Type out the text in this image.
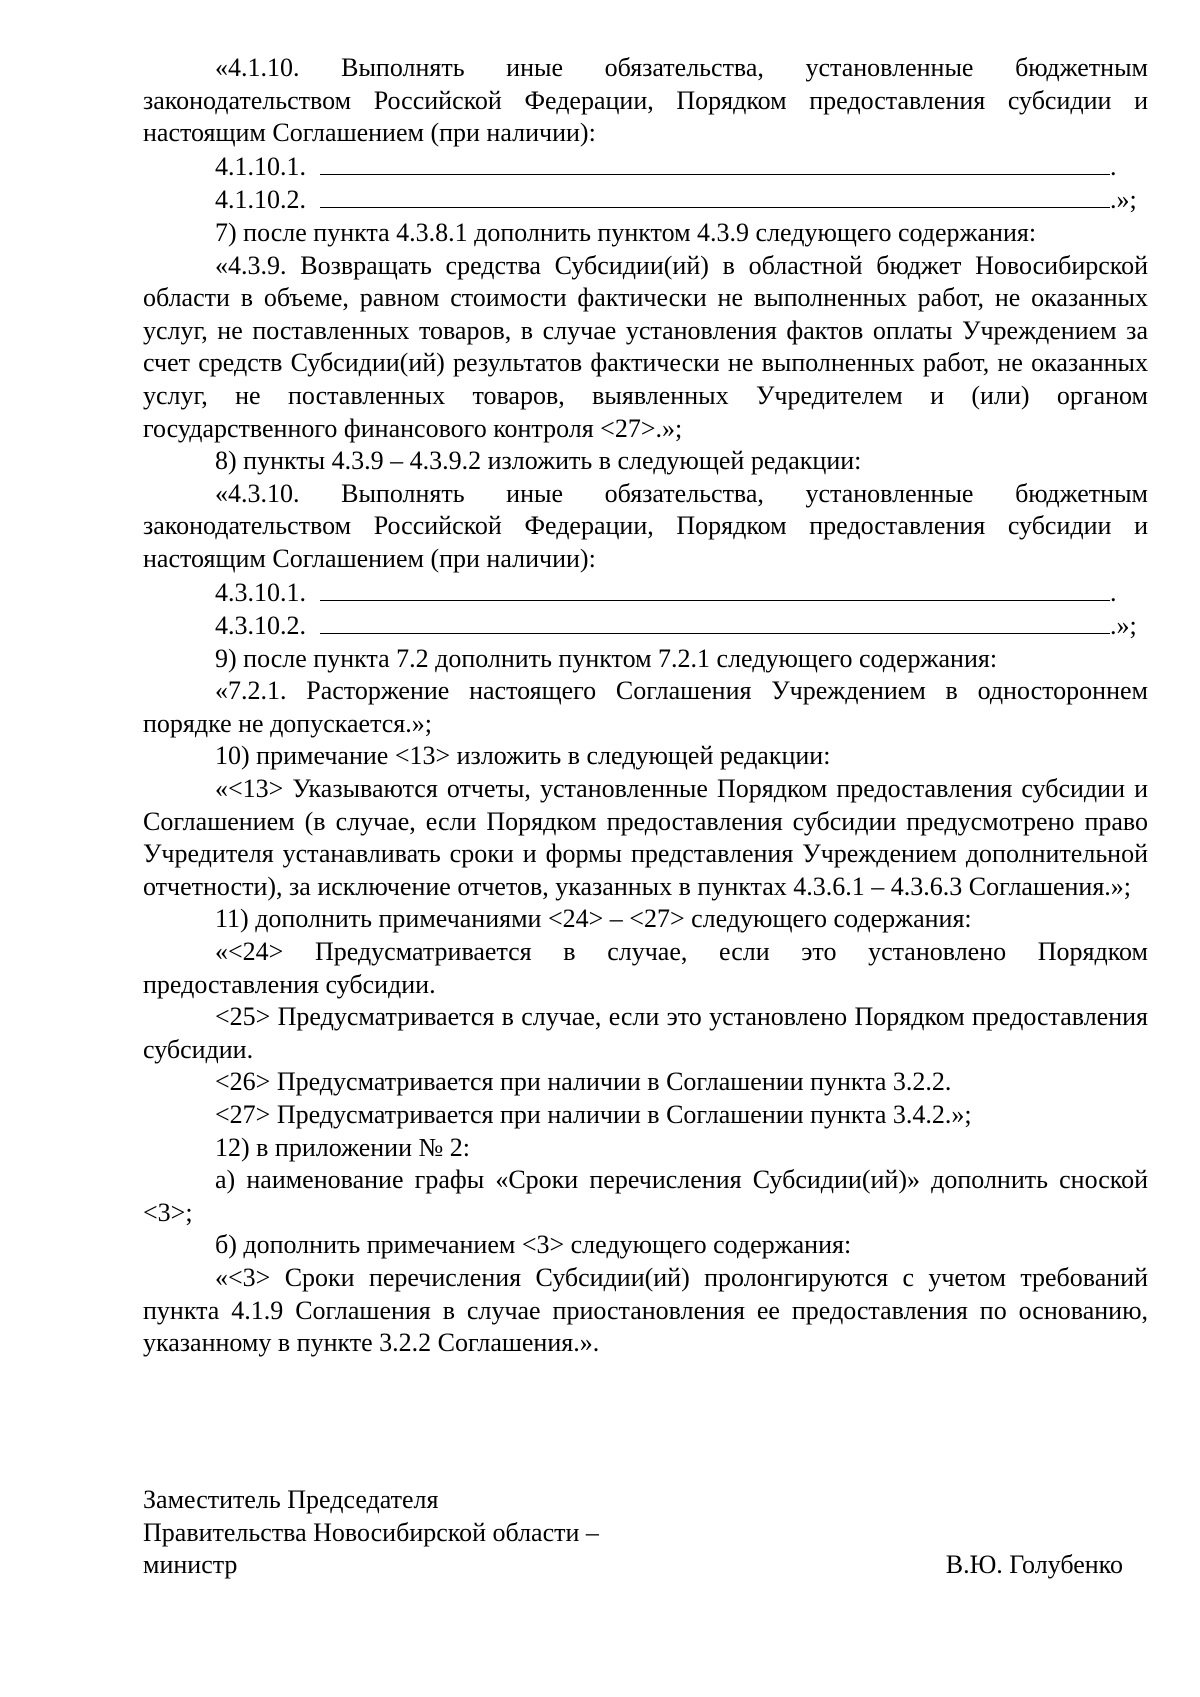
«4.1.10. Выполнять иные обязательства, установленные бюджетным законодательством Российской Федерации, Порядком предоставления субсидии и настоящим Соглашением (при наличии):

4.1.10.1.	.

4.1.10.2.	.»;

7) после пункта 4.3.8.1 дополнить пунктом 4.3.9 следующего содержания:

«4.3.9. Возвращать средства Субсидии(ий) в областной бюджет Новосибирской области в объеме, равном стоимости фактически не выполненных работ, не оказанных услуг, не поставленных товаров, в случае установления фактов оплаты Учреждением за счет средств Субсидии(ий) результатов фактически не выполненных работ, не оказанных услуг, не поставленных товаров, выявленных Учредителем и (или) органом государственного финансового контроля <27>.»;

8) пункты 4.3.9 – 4.3.9.2 изложить в следующей редакции:

«4.3.10. Выполнять иные обязательства, установленные бюджетным законодательством Российской Федерации, Порядком предоставления субсидии и настоящим Соглашением (при наличии):

4.3.10.1.	.

4.3.10.2.	.»;

9) после пункта 7.2 дополнить пунктом 7.2.1 следующего содержания:

«7.2.1. Расторжение настоящего Соглашения Учреждением в одностороннем порядке не допускается.»;

10) примечание <13> изложить в следующей редакции:

«<13> Указываются отчеты, установленные Порядком предоставления субсидии и Соглашением (в случае, если Порядком предоставления субсидии предусмотрено право Учредителя устанавливать сроки и формы представления Учреждением дополнительной отчетности), за исключение отчетов, указанных в пунктах 4.3.6.1 – 4.3.6.3 Соглашения.»;

11) дополнить примечаниями <24> – <27> следующего содержания:

«<24> Предусматривается в случае, если это установлено Порядком предоставления субсидии.

<25> Предусматривается в случае, если это установлено Порядком предоставления субсидии.

<26> Предусматривается при наличии в Соглашении пункта 3.2.2.

<27> Предусматривается при наличии в Соглашении пункта 3.4.2.»;

12) в приложении № 2:

а) наименование графы «Сроки перечисления Субсидии(ий)» дополнить сноской <3>;

б) дополнить примечанием <3> следующего содержания:

«<3> Сроки перечисления Субсидии(ий) пролонгируются с учетом требований пункта 4.1.9 Соглашения в случае приостановления ее предоставления по основанию, указанному в пункте 3.2.2 Соглашения.».

Заместитель Председателя

Правительства Новосибирской области –

министр	В.Ю. Голубенко
